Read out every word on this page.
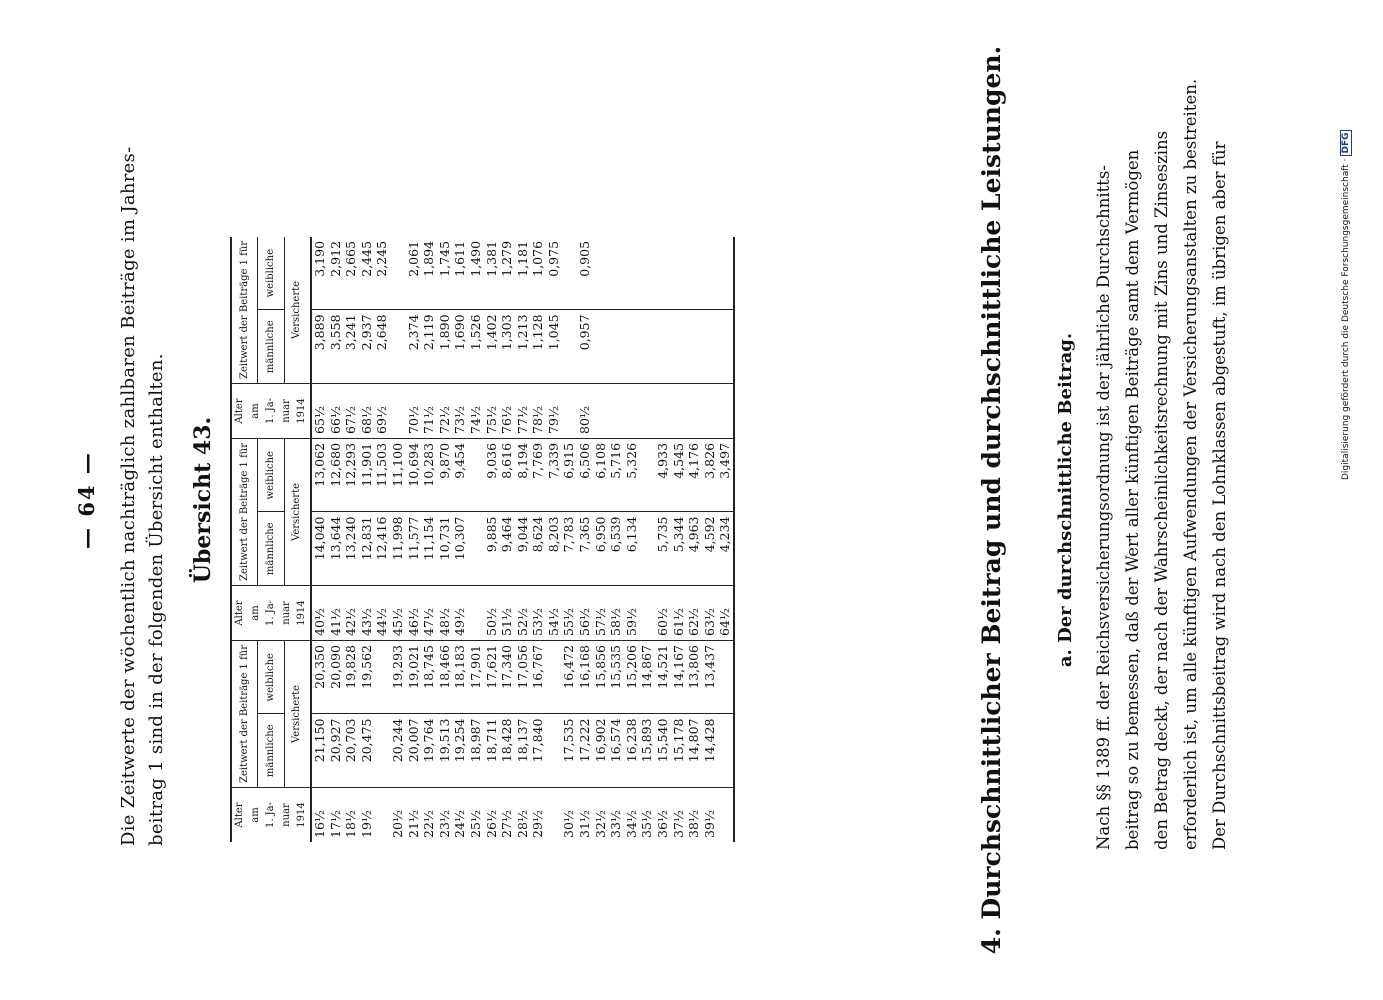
— 64 — Die Zeitwerte der wöchentlich nachträglich zahlbaren Beiträge im Jahres- beitrag 1 sind in der folgenden Übersicht enthalten. Übersicht 43.
Alter am 1. Ja- nuar 1914	Zeitwert der Beiträge 1 für		Alter am 1. Ja- nuar 1914	Zeitwert der Beiträge 1 für		Alter am 1. Ja- nuar 1914	Zeitwert der Beiträge 1 für	
	männliche	weibliche		männliche	weibliche		männliche	weibliche
	Versicherte			Versicherte			Versicherte	
16½	21,150	20,350	40½	14,040	13,062	65½	3,889	3,190
17½	20,927	20,090	41½	13,644	12,680	66½	3,558	2,912
18½	20,703	19,828	42½	13,240	12,293	67½	3,241	2,665
19½	20,475	19,562	43½	12,831	11,901	68½	2,937	2,445
			44½	12,416	11,503	69½	2,648	2,245
20½	20,244	19,293	45½	11,998	11,100			
21½	20,007	19,021	46½	11,577	10,694	70½	2,374	2,061
22½	19,764	18,745	47½	11,154	10,283	71½	2,119	1,894
23½	19,513	18,466	48½	10,731	9,870	72½	1,890	1,745
24½	19,254	18,183	49½	10,307	9,454	73½	1,690	1,611
25½	18,987	17,901				74½	1,526	1,490
26½	18,711	17,621	50½	9,885	9,036	75½	1,402	1,381
27½	18,428	17,340	51½	9,464	8,616	76½	1,303	1,279
28½	18,137	17,056	52½	9,044	8,194	77½	1,213	1,181
29½	17,840	16,767	53½	8,624	7,769	78½	1,128	1,076
			54½	8,203	7,339	79½	1,045	0,975
30½	17,535	16,472	55½	7,783	6,915			
31½	17,222	16,168	56½	7,365	6,506	80½	0,957	0,905
32½	16,902	15,856	57½	6,950	6,108			
33½	16,574	15,535	58½	6,539	5,716			
34½	16,238	15,206	59½	6,134	5,326			
35½	15,893	14,867						
36½	15,540	14,521	60½	5,735	4,933			
37½	15,178	14,167	61½	5,344	4,545			
38½	14,807	13,806	62½	4,963	4,176			
39½	14,428	13,437	63½	4,592	3,826			
			64½	4,234	3,497				4. Durchschnittlicher Beitrag und durchschnittliche Leistungen.	a. Der durchschnittliche Beitrag.	Nach §§ 1389 ff. der Reichsversicherungsordnung ist der jährliche Durchschnitts- beitrag so zu bemessen, daß der Wert aller künftigen Beiträge samt dem Vermögen den Betrag deckt, der nach der Wahrscheinlichkeitsrechnung mit Zins und Zinseszins erforderlich ist, um alle künftigen Aufwendungen der Versicherungsanstalten zu bestreiten. Der Durchschnittsbeitrag wird nach den Lohnklassen abgestuft, im übrigen aber für	Digitalisierung gefördert durch die Deutsche Forschungsgemeinschaft ·DFG
